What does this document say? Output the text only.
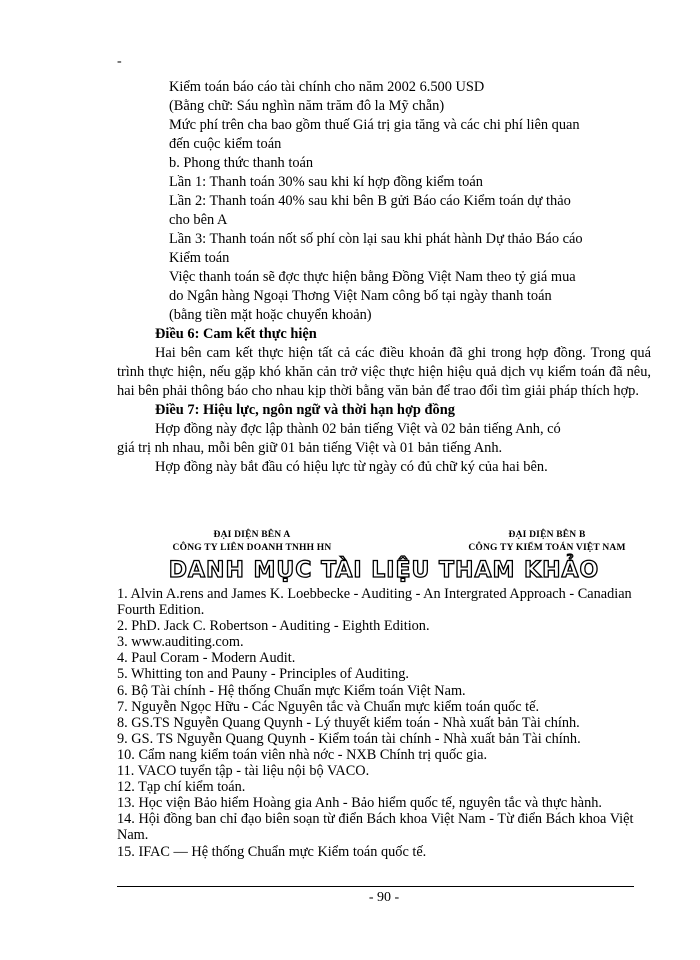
-

Kiểm toán báo cáo tài chính cho năm 2002 6.500 USD

(Bằng chữ: Sáu nghìn năm trăm đô la Mỹ chẵn)

Mức phí trên cha bao gồm thuế Giá trị gia tăng và các chi phí liên quan

đến cuộc kiểm toán

b. Phong thức thanh toán

Lần 1: Thanh toán 30% sau khi kí hợp đồng kiểm toán

Lần 2: Thanh toán 40% sau khi bên B gửi Báo cáo Kiểm toán dự thảo

cho bên A

Lần 3: Thanh toán nốt số phí còn lại sau khi phát hành Dự thảo Báo cáo

Kiểm toán

Việc thanh toán sẽ đợc thực hiện bằng Đồng Việt Nam theo tỷ giá mua

do Ngân hàng Ngoại Thơng Việt Nam công bố tại ngày thanh toán

(bằng tiền mặt hoặc chuyển khoản)

Điều 6: Cam kết thực hiện

Hai bên cam kết thực hiện tất cả các điều khoản đã ghi trong hợp đồng. Trong quá trình thực hiện, nếu gặp khó khăn cản trở việc thực hiện hiệu quả dịch vụ kiểm toán đã nêu, hai bên phải thông báo cho nhau kịp thời bằng văn bản để trao đổi tìm giải pháp thích hợp.

Điều 7: Hiệu lực, ngôn ngữ và thời hạn hợp đồng

Hợp đồng này đợc lập thành 02 bản tiếng Việt và 02 bản tiếng Anh, có

giá trị nh nhau, mỗi bên giữ 01 bản tiếng Việt và 01 bản tiếng Anh.

Hợp đồng này bắt đầu có hiệu lực từ ngày có đủ chữ ký của hai bên.

ĐẠI DIỆN BÊN A
CÔNG TY LIÊN DOANH TNHH HN
ĐẠI DIỆN BÊN B
CÔNG TY KIỂM TOÁN VIỆT NAM
DANH MỤC TÀI LIỆU THAM KHẢO

1. Alvin A.rens and James K. Loebbecke - Auditing - An Intergrated Approach - Canadian Fourth Edition.

2. PhD. Jack C. Robertson - Auditing - Eighth Edition.

3. www.auditing.com.

4. Paul Coram - Modern Audit.

5. Whitting ton and Pauny - Principles of Auditing.

6. Bộ Tài chính - Hệ thống Chuẩn mực Kiểm toán Việt Nam.

7. Nguyễn Ngọc Hữu - Các Nguyên tắc và Chuẩn mực kiểm toán quốc tế.

8. GS.TS Nguyễn Quang Quynh - Lý thuyết kiểm toán - Nhà xuất bản Tài chính.

9. GS. TS Nguyễn Quang Quynh - Kiểm toán tài chính - Nhà xuất bản Tài chính.

10. Cẩm nang kiểm toán viên nhà nớc - NXB Chính trị quốc gia.

11. VACO tuyển tập - tài liệu nội bộ VACO.

12. Tạp chí kiểm toán.

13. Học viện Bảo hiểm Hoàng gia Anh - Bảo hiểm quốc tế, nguyên tắc và thực hành.

14. Hội đồng ban chỉ đạo biên soạn từ điển Bách khoa Việt Nam - Từ điển Bách khoa Việt Nam.

15. IFAC — Hệ thống Chuẩn mực Kiểm toán quốc tế.

- 90 -
